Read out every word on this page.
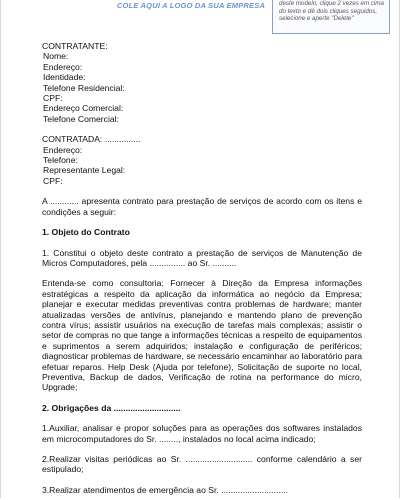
COLE AQUI A LOGO DA SUA EMPRESA	deste modelo, clique 2 vezes em cima do texto e dê dois cliques seguidos, selecione e aperte "Delete"
CONTRATANTE:
Nome:
Endereço:
Identidade:
Telefone Residencial:
CPF:
Endereço Comercial:
Telefone Comercial:
CONTRATADA: ...............
Endereço:
Telefone:
Representante Legal:
CPF:
A ............ apresenta contrato para prestação de serviços de acordo com os itens e condições a seguir:
1. Objeto do Contrato
1. Constitui o objeto deste contrato a prestação de serviços de Manutenção de Micros Computadores, pela ............... ao Sr. ..........
Entenda-se como consultoria: Fornecer à Direção da Empresa informações estratégicas a respeito da aplicação da informática ao negócio da Empresa; planejar e executar medidas preventivas contra problemas de hardware; manter atualizadas versões de antivírus, planejando e mantendo plano de prevenção contra vírus; assistir usuários na execução de tarefas mais complexas; assistir o setor de compras no que tange a informações técnicas a respeito de equipamentos e suprimentos a serem adquiridos; instalação e configuração de periféricos; diagnosticar problemas de hardware, se necessário encaminhar ao laboratório para efetuar reparos. Help Desk (Ajuda por telefone), Solicitação de suporte no local, Preventiva, Backup de dados, Verificação de rotina na performance do micro, Upgrade;
2. Obrigações da ............................
1.Auxiliar, analisar e propor soluções para as operações dos softwares instalados em microcomputadores do Sr. ........, instalados no local acima indicado;
2.Realizar visitas periódicas ao Sr. ............................ conforme calendário a ser estipulado;
3.Realizar atendimentos de emergência ao Sr. ............................
